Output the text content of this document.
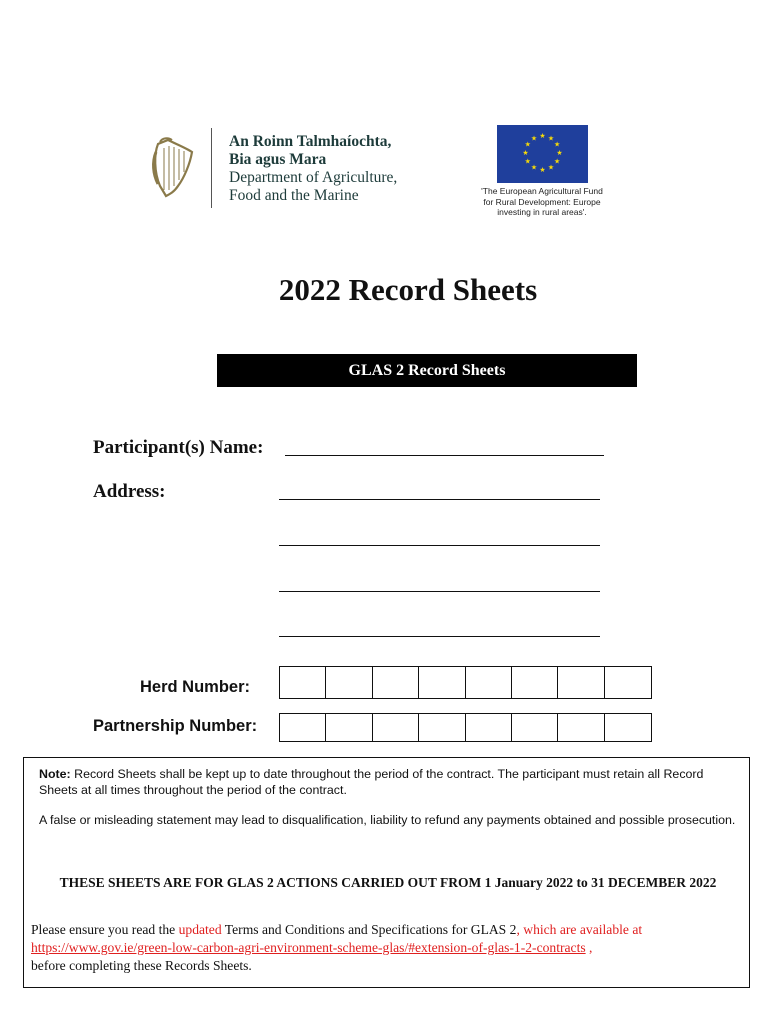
An Roinn Talmhaíochta,
Bia agus Mara
Department of Agriculture,
Food and the Marine
★ ★
★
★
★
★
★
★
★
★
★
★
'The European Agricultural Fund
for Rural Development: Europe
investing in rural areas'.
2022 Record Sheets
GLAS 2 Record Sheets
Participant(s) Name:
Address:
Herd Number:
Partnership Number:
Note: Record Sheets shall be kept up to date throughout the period of the contract. The participant must retain all Record Sheets at all times throughout the period of the contract.
A false or misleading statement may lead to disqualification, liability to refund any payments obtained and possible prosecution.
THESE SHEETS ARE FOR GLAS 2 ACTIONS CARRIED OUT FROM 1 January 2022 to 31 DECEMBER 2022
Please ensure you read the updated Terms and Conditions and Specifications for GLAS 2, which are available at
https://www.gov.ie/green-low-carbon-agri-environment-scheme-glas/#extension-of-glas-1-2-contracts ,
before completing these Records Sheets.
